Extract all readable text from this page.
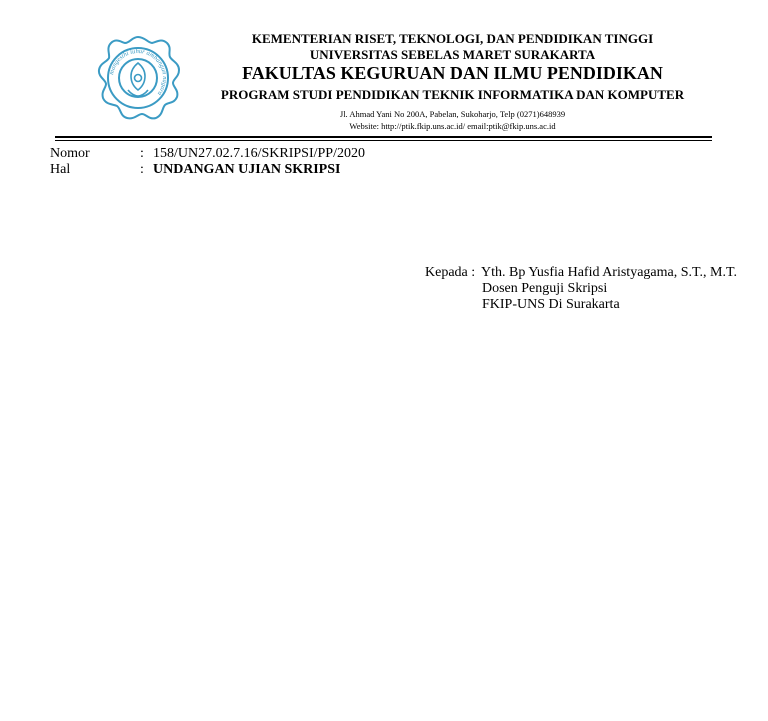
mangesthi luhur ambangun nagara
KEMENTERIAN RISET, TEKNOLOGI, DAN PENDIDIKAN TINGGI
UNIVERSITAS SEBELAS MARET SURAKARTA
FAKULTAS KEGURUAN DAN ILMU PENDIDIKAN
PROGRAM STUDI PENDIDIKAN TEKNIK INFORMATIKA DAN KOMPUTER
Jl. Ahmad Yani No 200A, Pabelan, Sukoharjo, Telp (0271)648939
Website: http://ptik.fkip.uns.ac.id/ email:ptik@fkip.uns.ac.id
Nomor	: 158/UN27.02.7.16/SKRIPSI/PP/2020
Hal	: UNDANGAN UJIAN SKRIPSI
Kepada : Yth. Bp Yusfia Hafid Aristyagama, S.T., M.T.
Dosen Penguji Skripsi
FKIP-UNS Di Surakarta
